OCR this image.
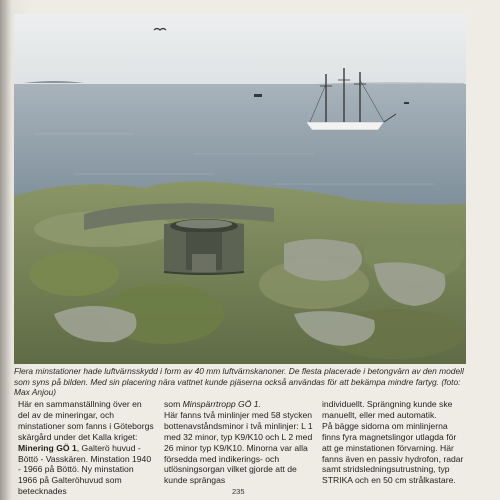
Flera minstationer hade luftvärnsskydd i form av 40 mm luftvärnskanoner. De flesta placerade i betongvärn av den modell som syns på bilden. Med sin placering nära vattnet kunde pjäserna också användas för att bekämpa mindre fartyg. (foto: Max Anjou)

Här en sammanställning över en del av de mineringar, och minstationer som fanns i Göteborgs skärgård under det Kalla kriget:

Minering GÖ 1, Galterö huvud - Böttö - Vasskären. Minstation 1940 - 1966 på Böttö. Ny minstation 1966 på Galteröhuvud som betecknades

som Minspärrtropp GÖ 1.

Här fanns två minlinjer med 58 stycken bottenavståndsminor i två minlinjer: L 1 med 32 minor, typ K9/K10 och L 2 med 26 minor typ K9/K10. Minorna var alla försedda med indikerings- och utlösningsorgan vilket gjorde att de kunde sprängas

individuellt. Sprängning kunde ske manuellt, eller med automatik.

På bägge sidorna om minlinjerna finns fyra magnetslingor utlagda för att ge minstationen förvarning. Här fanns även en passiv hydrofon, radar samt stridsledningsutrustning, typ STRIKA och en 50 cm strålkastare.

235
